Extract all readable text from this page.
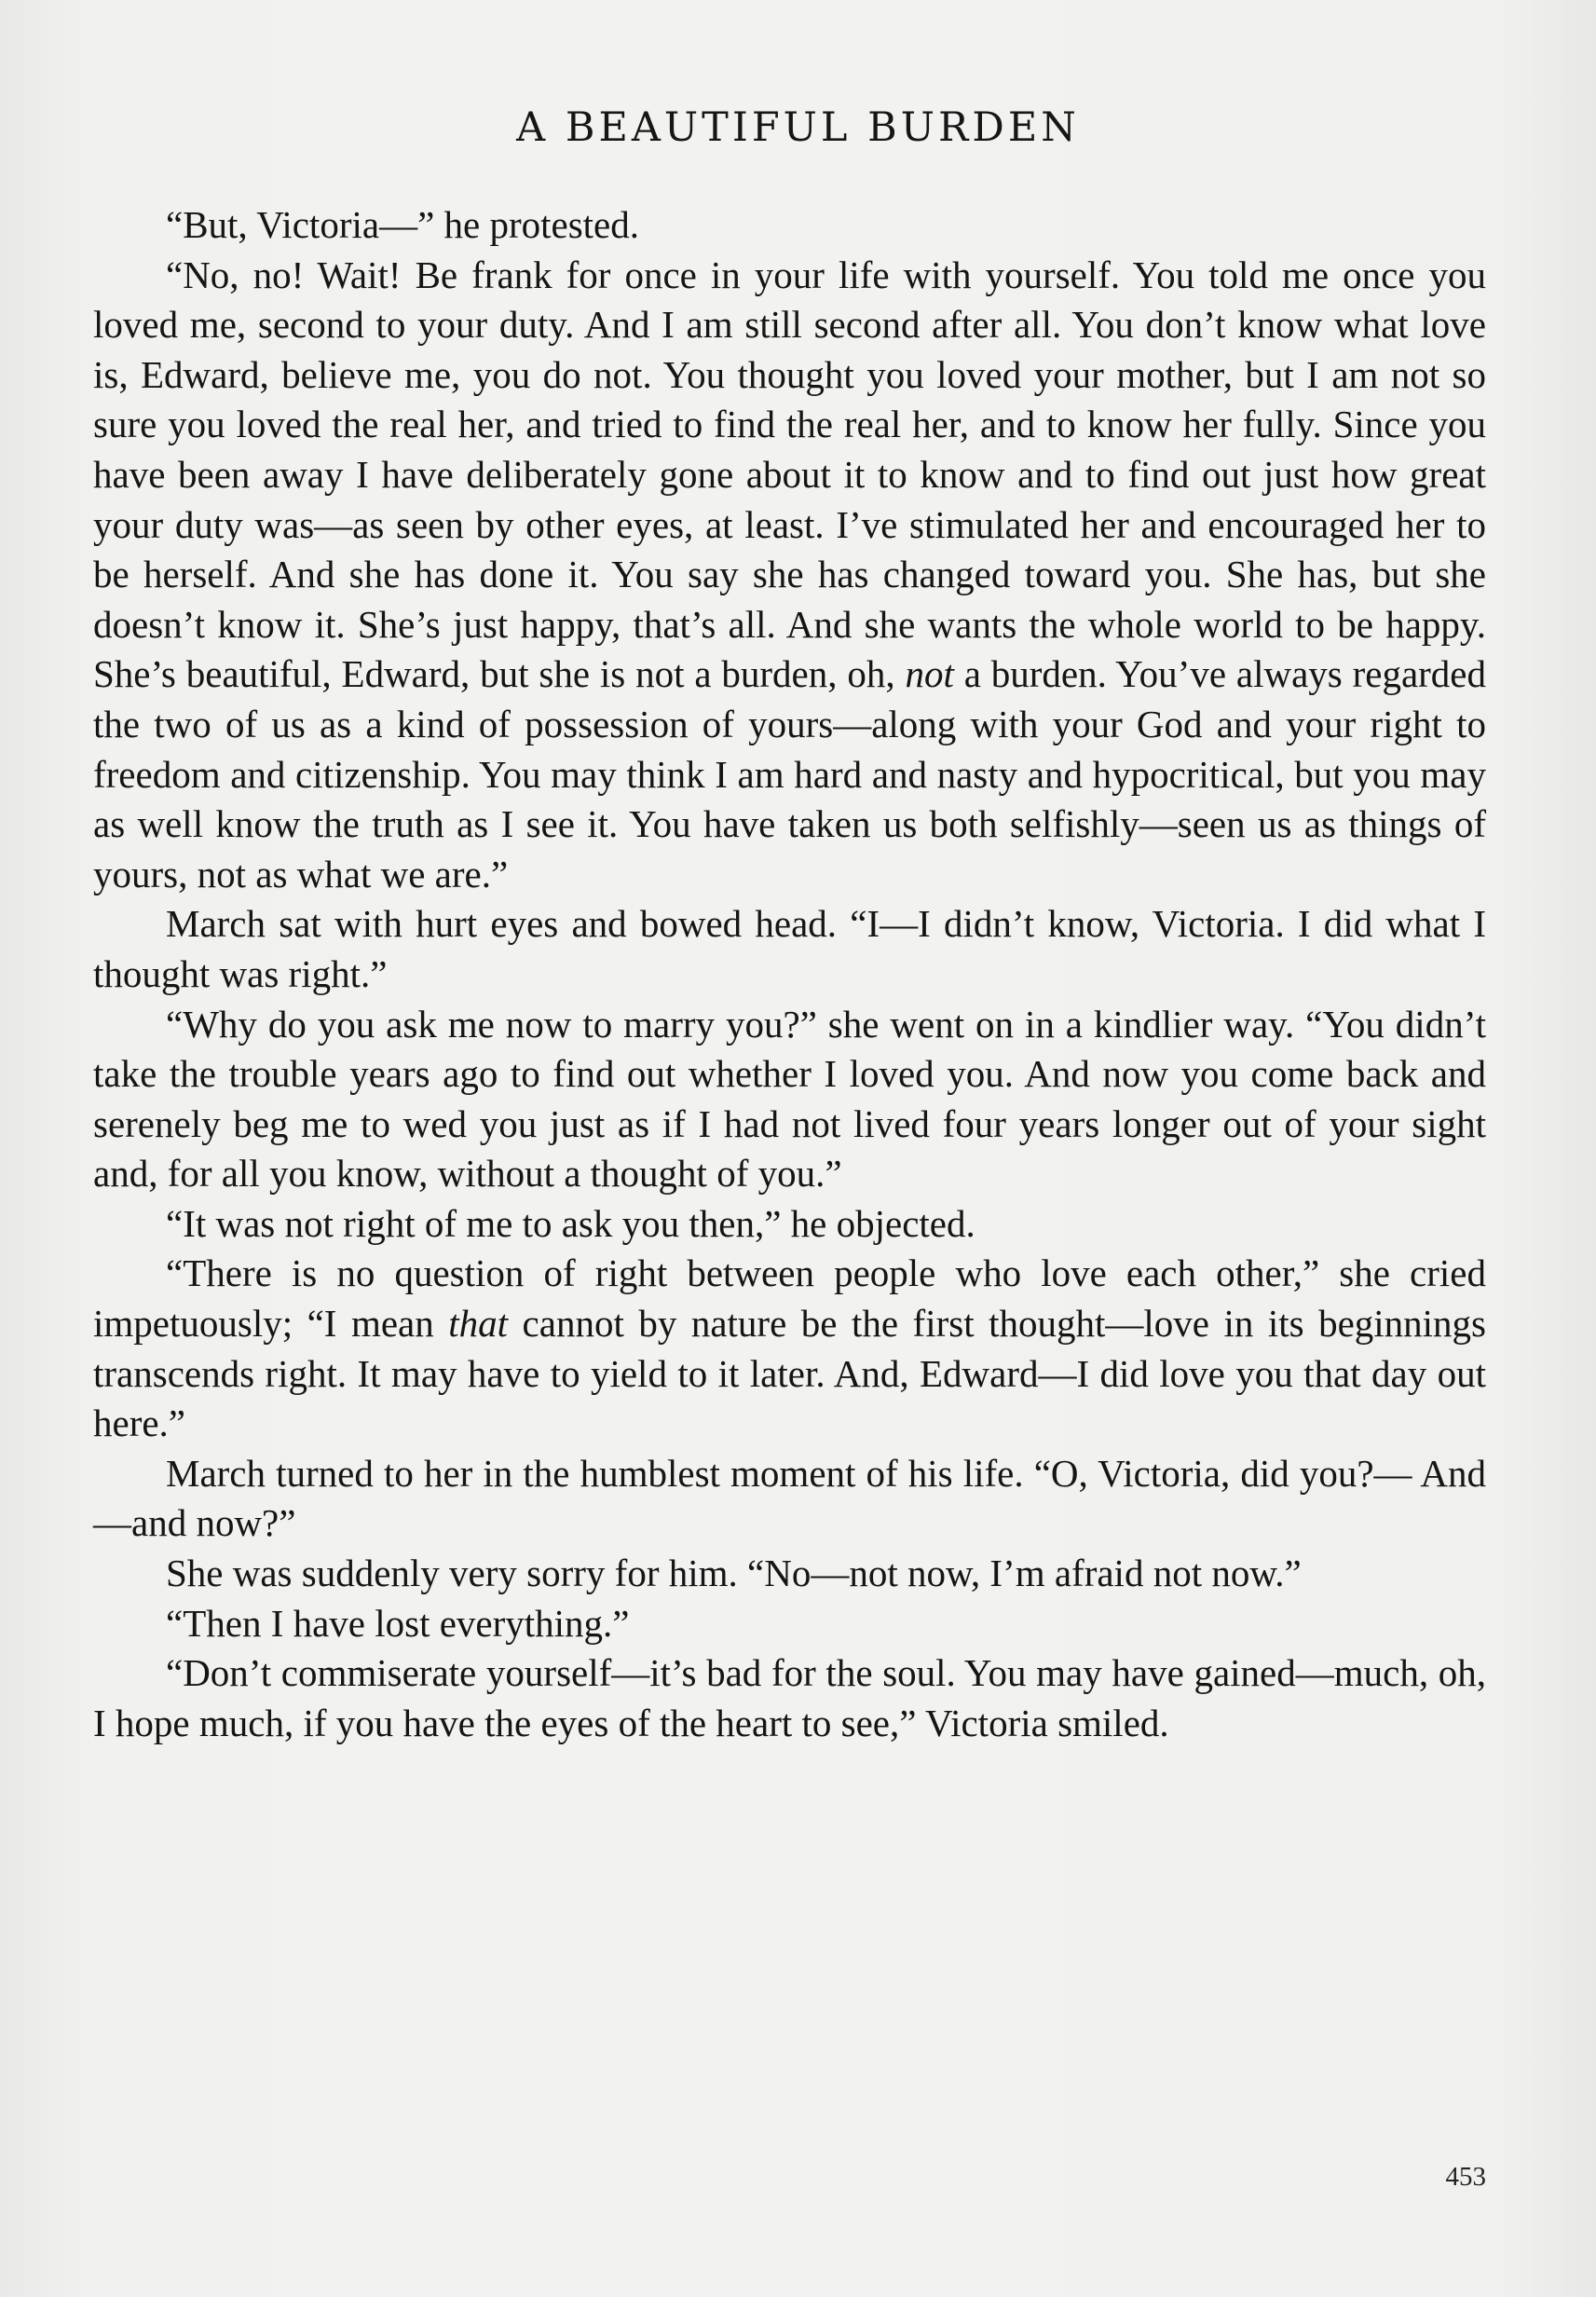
A BEAUTIFUL BURDEN

“But, Victoria—” he protested.

“No, no! Wait! Be frank for once in your life with yourself. You told me once you loved me, second to your duty. And I am still second after all. You don’t know what love is, Edward, believe me, you do not. You thought you loved your mother, but I am not so sure you loved the real her, and tried to find the real her, and to know her fully. Since you have been away I have deliberately gone about it to know and to find out just how great your duty was—as seen by other eyes, at least. I’ve stimulated her and encouraged her to be herself. And she has done it. You say she has changed toward you. She has, but she doesn’t know it. She’s just happy, that’s all. And she wants the whole world to be happy. She’s beautiful, Edward, but she is not a burden, oh, not a burden. You’ve always regarded the two of us as a kind of possession of yours—along with your God and your right to freedom and citizenship. You may think I am hard and nasty and hypocritical, but you may as well know the truth as I see it. You have taken us both selfishly—seen us as things of yours, not as what we are.”

March sat with hurt eyes and bowed head. “I—I didn’t know, Victoria. I did what I thought was right.”

“Why do you ask me now to marry you?” she went on in a kindlier way. “You didn’t take the trouble years ago to find out whether I loved you. And now you come back and serenely beg me to wed you just as if I had not lived four years longer out of your sight and, for all you know, without a thought of you.”

“It was not right of me to ask you then,” he objected.

“There is no question of right between people who love each other,” she cried impetuously; “I mean that cannot by nature be the first thought—love in its beginnings transcends right. It may have to yield to it later. And, Edward—I did love you that day out here.”

March turned to her in the humblest moment of his life. “O, Victoria, did you?— And—and now?”

She was suddenly very sorry for him. “No—not now, I’m afraid not now.”

“Then I have lost everything.”

“Don’t commiserate yourself—it’s bad for the soul. You may have gained—much, oh, I hope much, if you have the eyes of the heart to see,” Victoria smiled.

453
